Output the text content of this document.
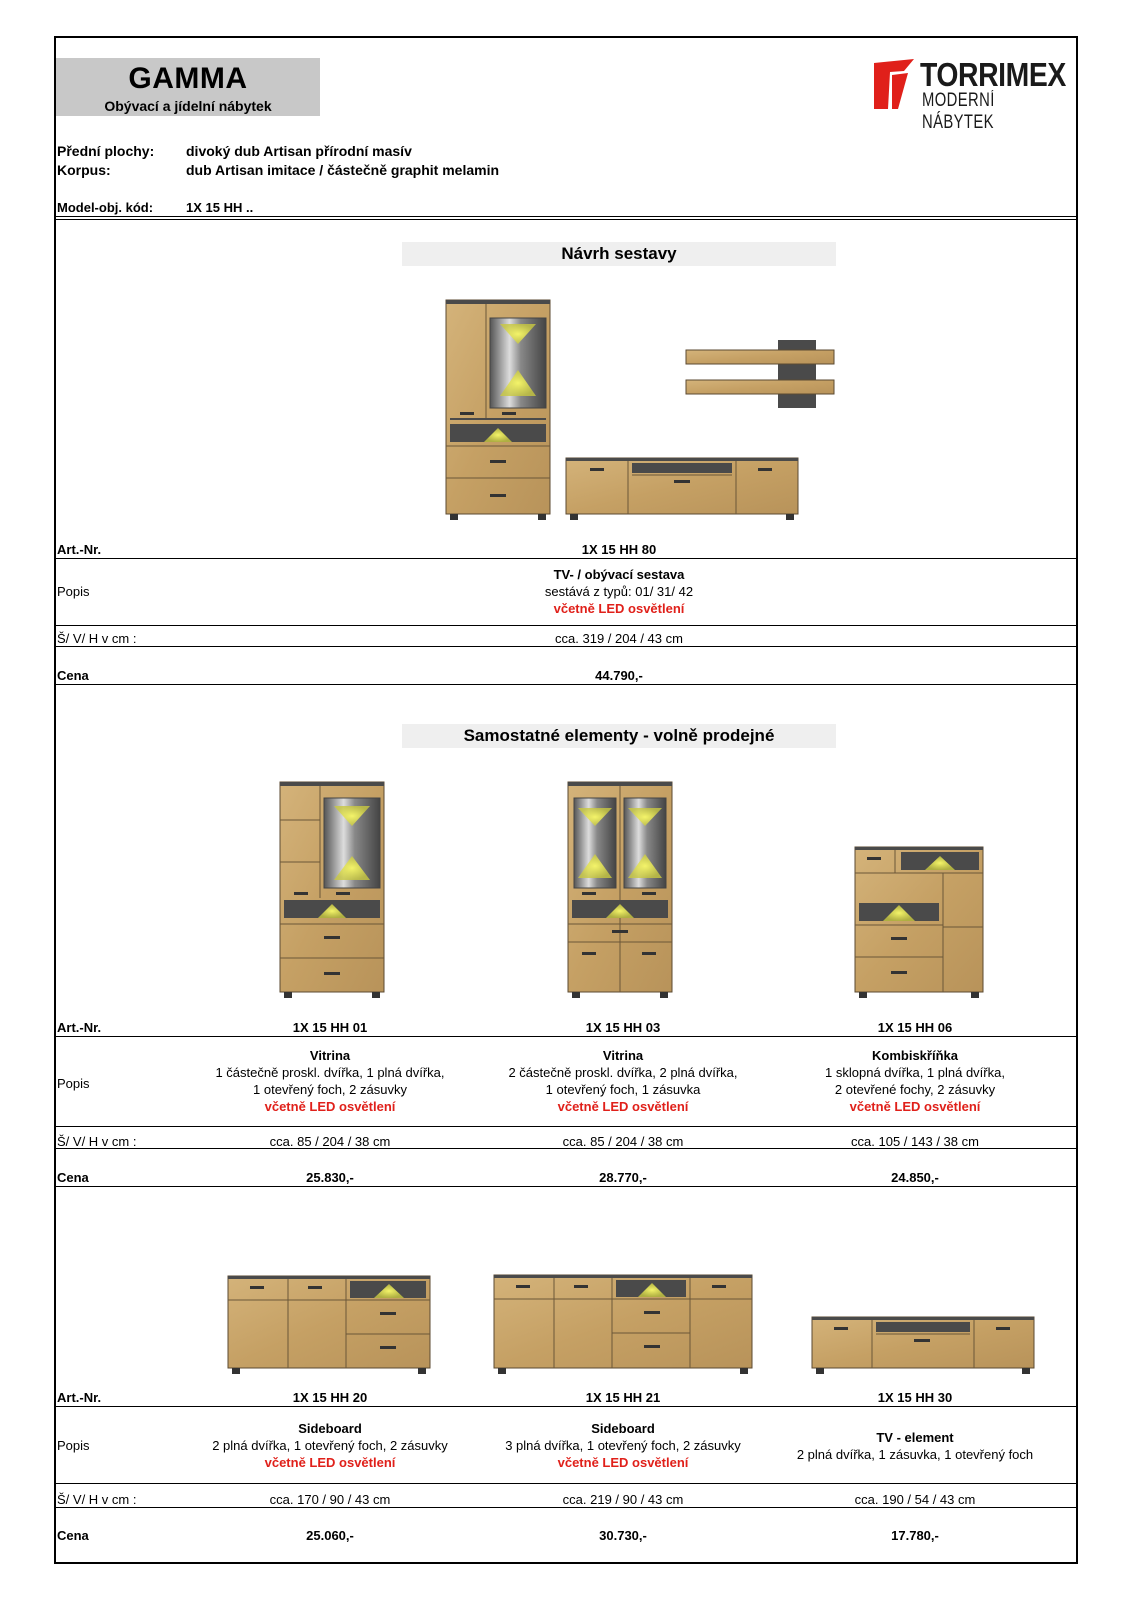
GAMMA
Obývací a jídelní nábytek
TORRIMEX
MODERNÍ NÁBYTEK
Přední plochy: divoký dub Artisan přírodní masív
Korpus:	dub Artisan imitace / částečně graphit melamin
Model-obj. kód:	1X 15 HH ..
Návrh sestavy
Art.-Nr.	1X 15 HH 80
Popis
TV- / obývací sestava
sestává z typů: 01/ 31/ 42
včetně LED osvětlení
Š/ V/ H v cm :	cca. 319 / 204 / 43 cm
Cena	44.790,-
Samostatné elementy - volně prodejné
Art.-Nr.	1X 15 HH 01	1X 15 HH 03	1X 15 HH 06
Popis
Vitrina
1 částečně proskl. dvířka, 1 plná dvířka,
1 otevřený foch, 2 zásuvky
včetně LED osvětlení
Vitrina
2 částečně proskl. dvířka, 2 plná dvířka,
1 otevřený foch, 1 zásuvka
včetně LED osvětlení
Kombiskříňka
1 sklopná dvířka, 1 plná dvířka,
2 otevřené fochy, 2 zásuvky
včetně LED osvětlení
Š/ V/ H v cm :	cca. 85 / 204 / 38 cm	cca. 85 / 204 / 38 cm	cca. 105 / 143 / 38 cm
Cena	25.830,-	28.770,-	24.850,-
Art.-Nr.	1X 15 HH 20	1X 15 HH 21	1X 15 HH 30
Popis
Sideboard
2 plná dvířka, 1 otevřený foch, 2 zásuvky
včetně LED osvětlení
Sideboard
3 plná dvířka, 1 otevřený foch, 2 zásuvky
včetně LED osvětlení
TV - element
2 plná dvířka, 1 zásuvka, 1 otevřený foch
Š/ V/ H v cm :	cca. 170 / 90 / 43 cm	cca. 219 / 90 / 43 cm	cca. 190 / 54 / 43 cm
Cena	25.060,-	30.730,-	17.780,-
